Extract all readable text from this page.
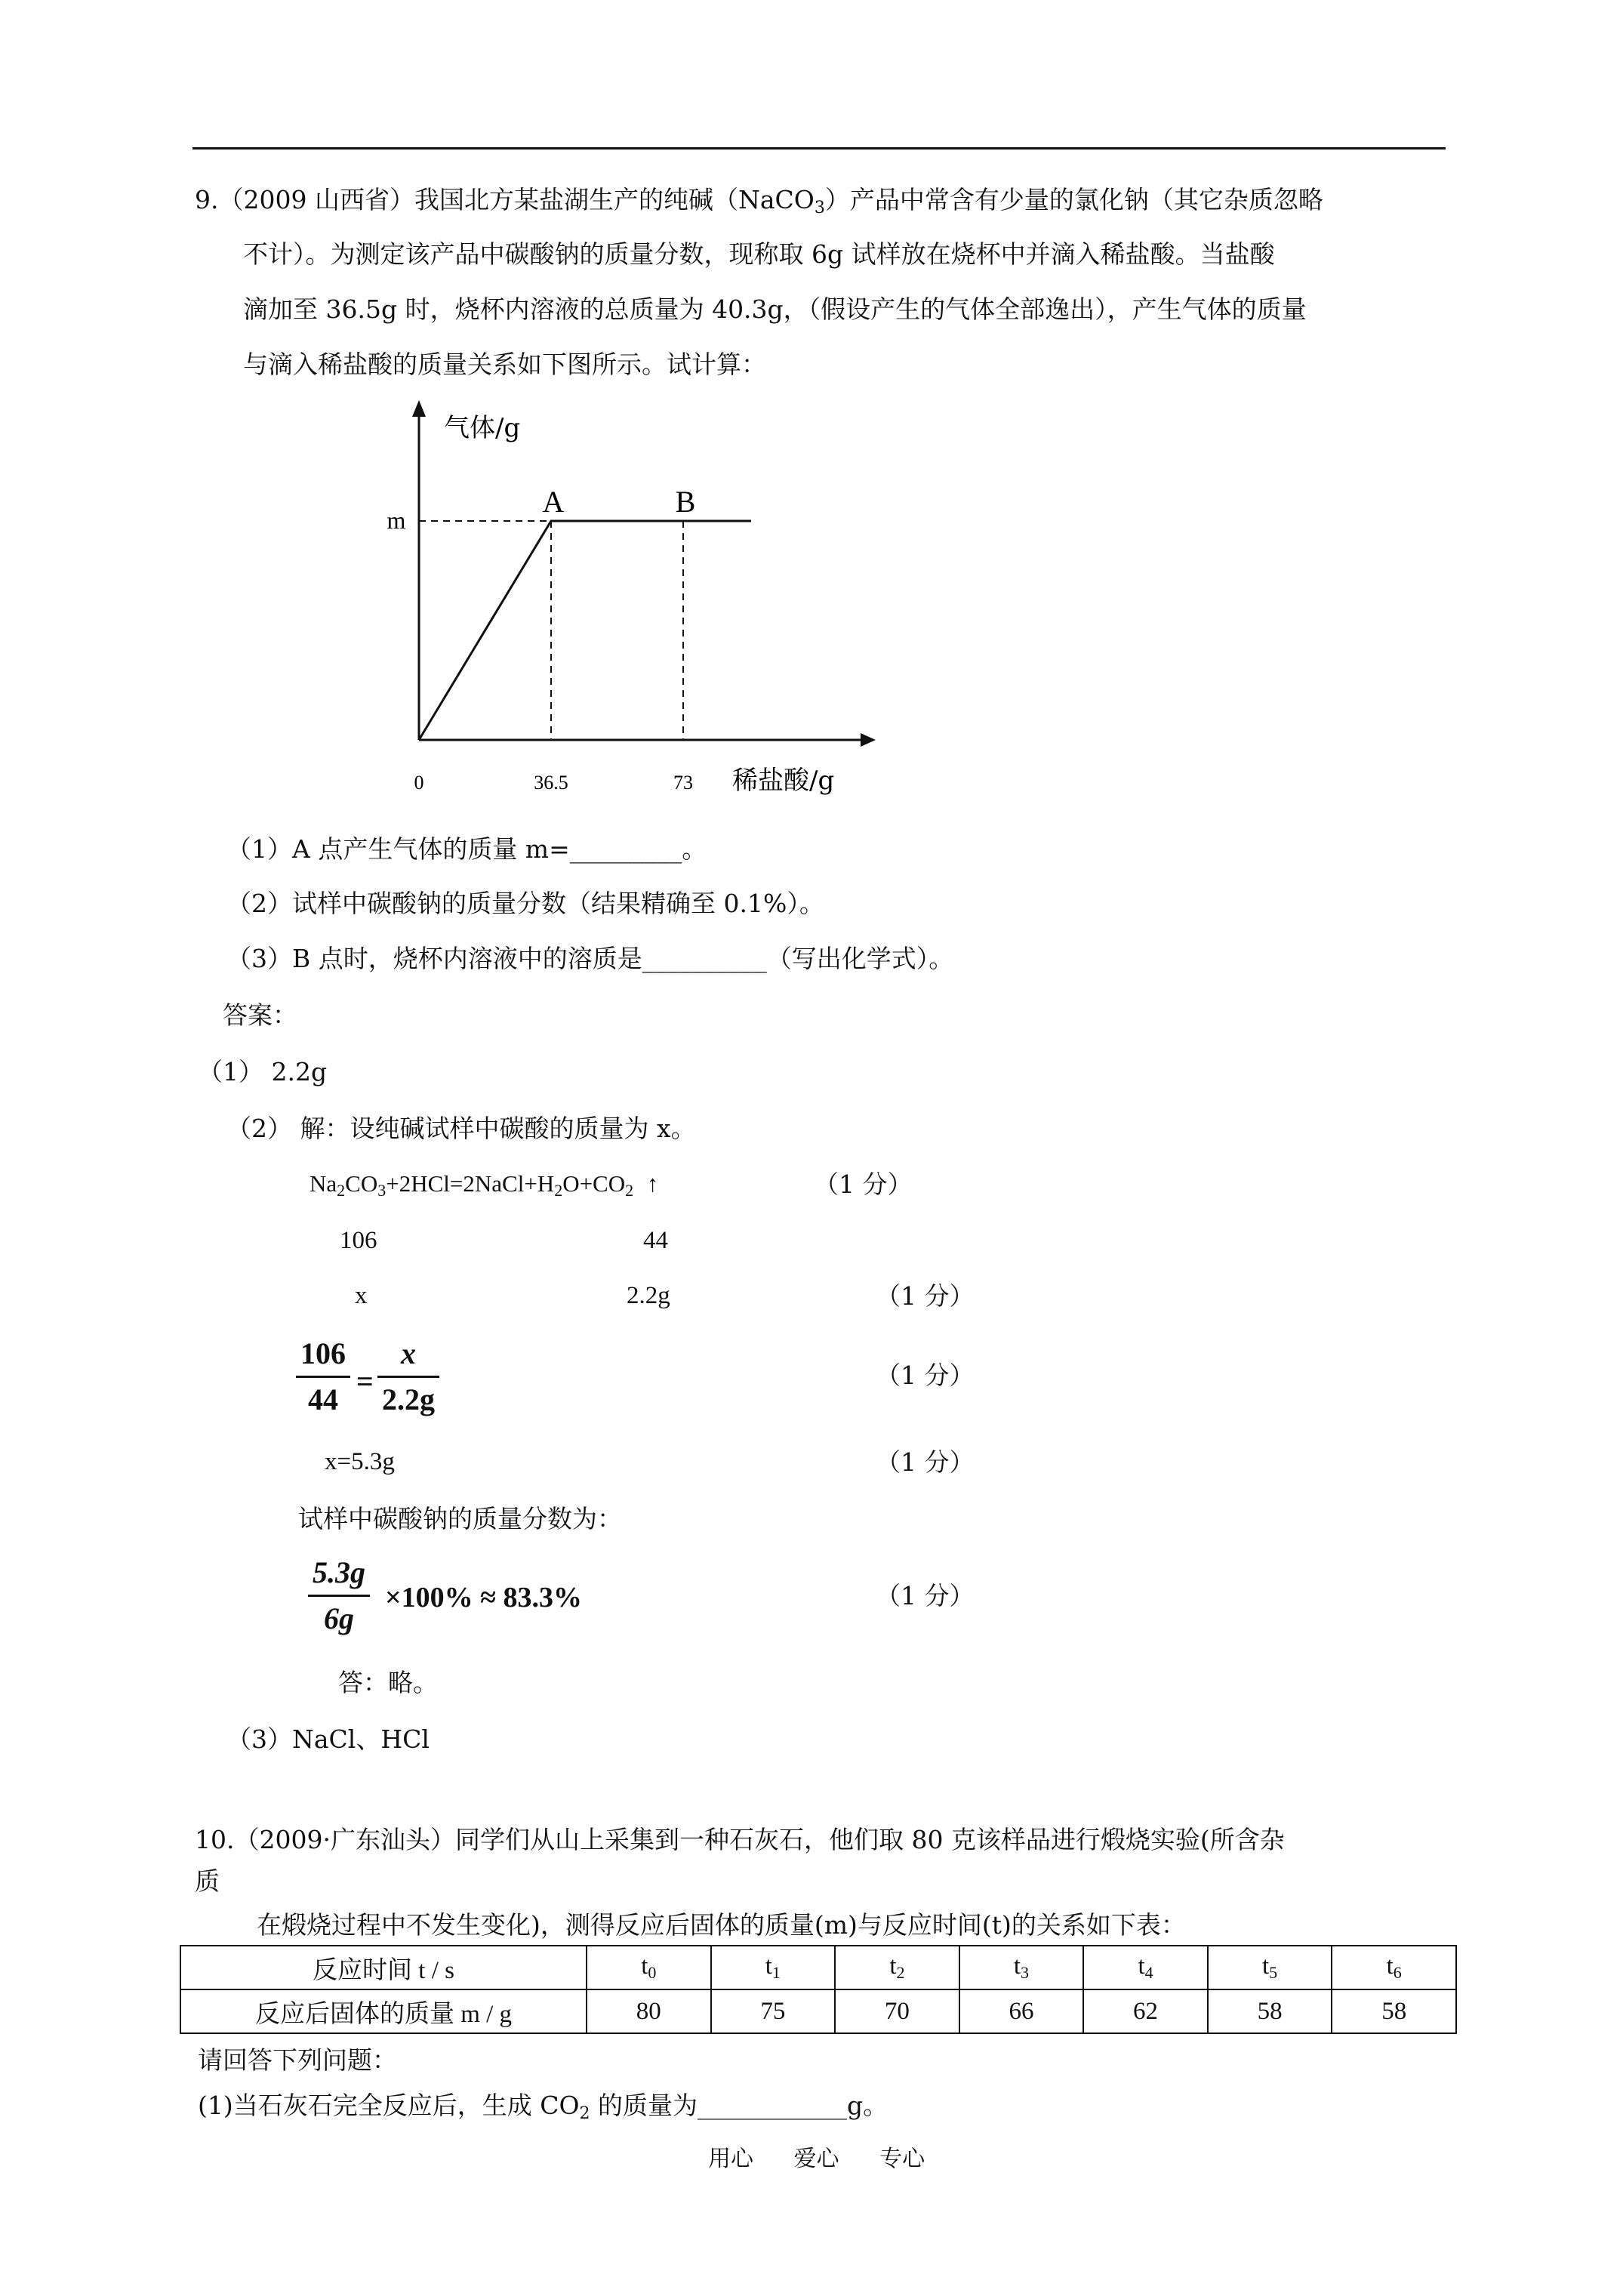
9.（2009 山西省）我国北方某盐湖生产的纯碱（NaCO$_3$）产品中常含有少量的氯化钠（其它杂质忽略
不计）。为测定该产品中碳酸钠的质量分数，现称取 6g 试样放在烧杯中并滴入稀盐酸。当盐酸
滴加至 36.5g 时，烧杯内溶液的总质量为 40.3g，（假设产生的气体全部逸出），产生气体的质量
与滴入稀盐酸的质量关系如下图所示。试计算：
气体/g
稀盐酸/g
0	36.5	73
m
A	B
（1）A 点产生气体的质量 m=_________。
（2）试样中碳酸钠的质量分数（结果精确至 0.1%）。
（3）B 点时，烧杯内溶液中的溶质是__________（写出化学式）。
答案：
（1） 2.2g
（2） 解：设纯碱试样中碳酸的质量为 x。
$Na_2CO_3+2HCl=2NaCl+H_2O+CO_2$ ↑	（1 分）
106	44
x	2.2g	（1 分）
$\frac{106}{44} = \frac{x}{2.2g}$	（1 分）
x=5.3g	（1 分）
试样中碳酸钠的质量分数为：
$\frac{5.3g}{6g} \times 100\% \approx 83.3\%$	（1 分）
答：略。
（3）NaCl、HCl
10.（2009·广东汕头）同学们从山上采集到一种石灰石，他们取 80 克该样品进行煅烧实验(所含杂
质
在煅烧过程中不发生变化)，测得反应后固体的质量(m)与反应时间(t)的关系如下表：
反应时间 t / s	$t_0$	$t_1$	$t_2$	$t_3$	$t_4$	$t_5$	$t_6$
反应后固体的质量 m / g	80	75	70	66	62	58	58
请回答下列问题：
(1)当石灰石完全反应后，生成 $CO_2$ 的质量为____________g。
用心 爱心 专心
